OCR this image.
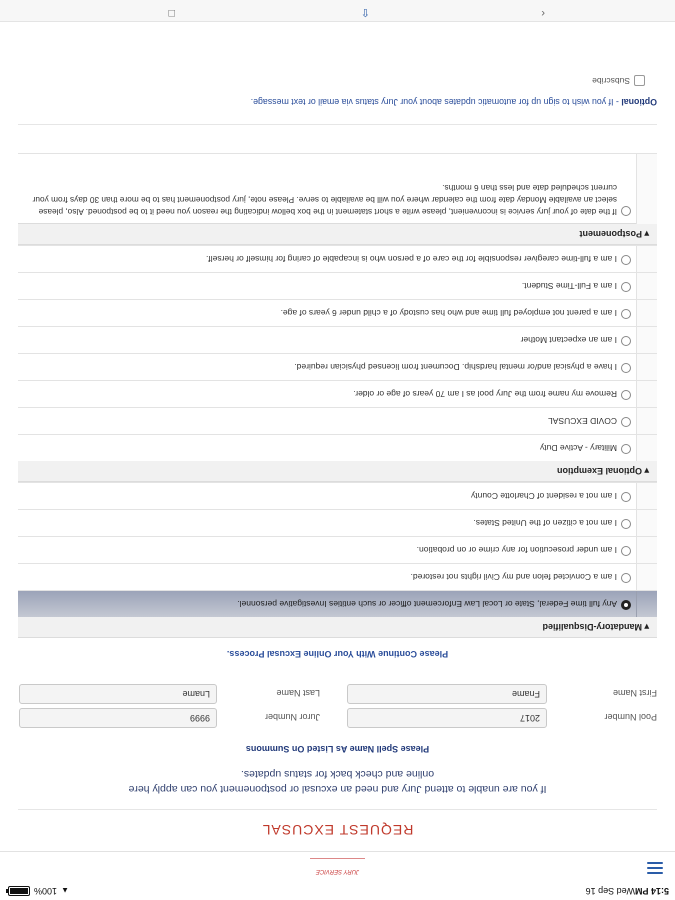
5:14 PM
Wed Sep 16
▲
100%
JURY SERVICE
REQUEST EXCUSAL
If you are unable to attend Jury and need an excusal or postponement you can apply here online and check back for status updates.
Please Spell Name As Listed On Summons
Pool Number
2017
Juror Number
9999
First Name
Fname
Last Name
Lname
Please Continue With Your Online Excusal Process.
▾ Mandatory-Disqualified
Any full time Federal, State or Local Law Enforcement officer or such entities Investigative personnel.
I am a Convicted felon and my Civil rights not restored.
I am under prosecution for any crime or on probation.
I am not a citizen of the United States.
I am not a resident of Charlotte County
▾ Optional Exemption
Military - Active Duty
COVID EXCUSAL
Remove my name from the Jury pool as I am 70 years of age or older.
I have a physical and/or mental hardship. Document from licensed physician required.
I am an expectant Mother
I am a parent not employed full time and who has custody of a child under 6 years of age.
I am a Full-Time Student.
I am a full-time caregiver responsible for the care of a person who is incapable of caring for himself or herself.
▾ Postponement
If the date of your jury service is inconvenient, please write a short statement in the box bellow indicating the reason you need it to be postponed. Also, please select an available Monday date from the calendar where you will be available to serve. Please note, jury postponement has to be more than 30 days from your current scheduled date and less than 6 months.
Optional - If you wish to sign up for automatic updates about your Jury status via email or text message.
Subscribe
‹
⇧
□
